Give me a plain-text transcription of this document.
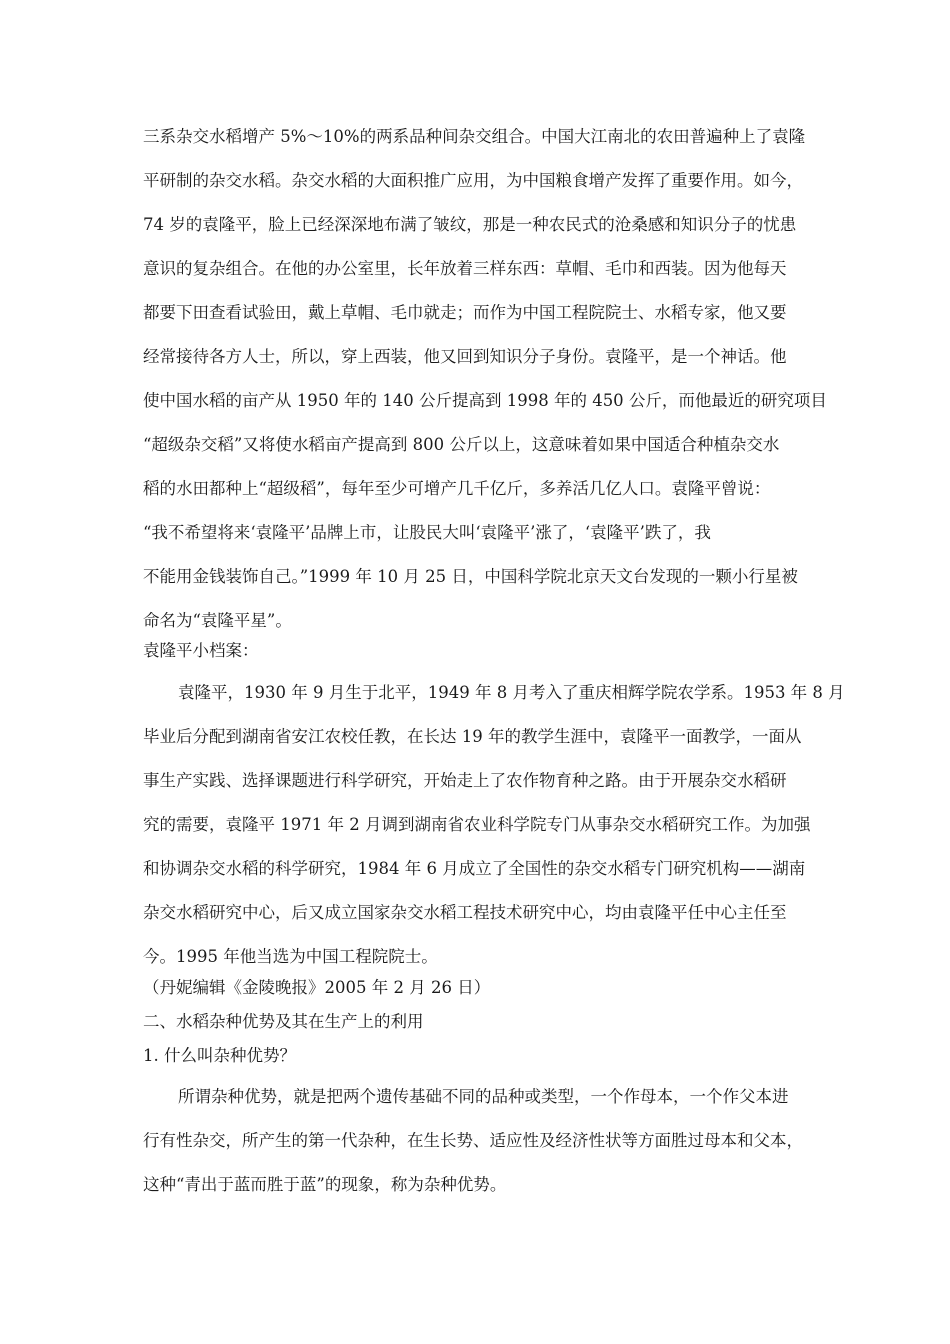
三系杂交水稻增产 5%～10%的两系品种间杂交组合。中国大江南北的农田普遍种上了袁隆
平研制的杂交水稻。杂交水稻的大面积推广应用，为中国粮食增产发挥了重要作用。如今，
74 岁的袁隆平，脸上已经深深地布满了皱纹，那是一种农民式的沧桑感和知识分子的忧患
意识的复杂组合。在他的办公室里，长年放着三样东西：草帽、毛巾和西装。因为他每天
都要下田查看试验田，戴上草帽、毛巾就走；而作为中国工程院院士、水稻专家，他又要
经常接待各方人士，所以，穿上西装，他又回到知识分子身份。袁隆平，是一个神话。他
使中国水稻的亩产从 1950 年的 140 公斤提高到 1998 年的 450 公斤，而他最近的研究项目
“超级杂交稻”又将使水稻亩产提高到 800 公斤以上，这意味着如果中国适合种植杂交水
稻的水田都种上“超级稻”，每年至少可增产几千亿斤，多养活几亿人口。袁隆平曾说：
“我不希望将来‘袁隆平’品牌上市，让股民大叫‘袁隆平’涨了，‘袁隆平’跌了，我
不能用金钱装饰自己。”1999 年 10 月 25 日，中国科学院北京天文台发现的一颗小行星被
命名为“袁隆平星”。
袁隆平小档案：
袁隆平，1930 年 9 月生于北平，1949 年 8 月考入了重庆相辉学院农学系。1953 年 8 月
毕业后分配到湖南省安江农校任教，在长达 19 年的教学生涯中，袁隆平一面教学，一面从
事生产实践、选择课题进行科学研究，开始走上了农作物育种之路。由于开展杂交水稻研
究的需要，袁隆平 1971 年 2 月调到湖南省农业科学院专门从事杂交水稻研究工作。为加强
和协调杂交水稻的科学研究，1984 年 6 月成立了全国性的杂交水稻专门研究机构——湖南
杂交水稻研究中心，后又成立国家杂交水稻工程技术研究中心，均由袁隆平任中心主任至
今。1995 年他当选为中国工程院院士。
（丹妮编辑《金陵晚报》2005 年 2 月 26 日）
二、水稻杂种优势及其在生产上的利用
1. 什么叫杂种优势？
所谓杂种优势，就是把两个遗传基础不同的品种或类型，一个作母本，一个作父本进
行有性杂交，所产生的第一代杂种，在生长势、适应性及经济性状等方面胜过母本和父本，
这种“青出于蓝而胜于蓝”的现象，称为杂种优势。
